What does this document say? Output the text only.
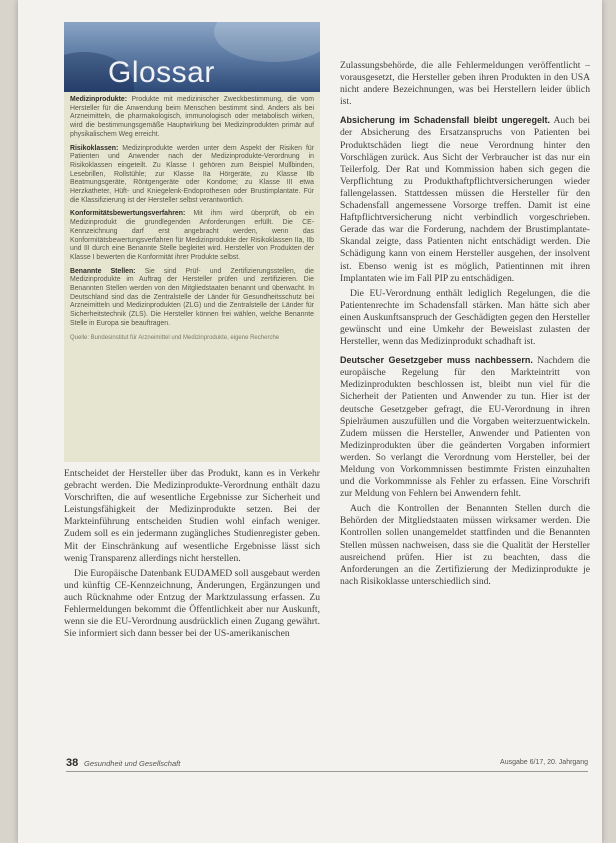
Glossar
Medizinprodukte: Produkte mit medizinischer Zweckbestimmung, die vom Hersteller für die Anwendung beim Menschen bestimmt sind. Anders als bei Arzneimitteln, die pharmakologisch, immunologisch oder metabolisch wirken, wird die bestimmungsgemäße Hauptwirkung bei Medizinprodukten primär auf physikalischem Weg erreicht.
Risikoklassen: Medizinprodukte werden unter dem Aspekt der Risiken für Patienten und Anwender nach der Medizinprodukte-Verordnung in Risikoklassen eingeteilt. Zu Klasse I gehören zum Beispiel Mullbinden, Lesebrillen, Rollstühle; zur Klasse IIa Hörgeräte, zu Klasse IIb Beatmungsgeräte, Röntgengeräte oder Kondome; zu Klasse III etwa Herzkatheter, Hüft- und Kniegelenk-Endoprothesen oder Brustimplantate. Für die Klassifizierung ist der Hersteller selbst verantwortlich.
Konformitätsbewertungsverfahren: Mit ihm wird überprüft, ob ein Medizinprodukt die grundlegenden Anforderungen erfüllt. Die CE-Kennzeichnung darf erst angebracht werden, wenn das Konformitätsbewertungsverfahren für Medizinprodukte der Risikoklassen IIa, IIb und III durch eine Benannte Stelle begleitet wird. Hersteller von Produkten der Klasse I bewerten die Konformität ihrer Produkte selbst.
Benannte Stellen: Sie sind Prüf- und Zertifizierungsstellen, die Medizinprodukte im Auftrag der Hersteller prüfen und zertifizieren. Die Benannten Stellen werden von den Mitgliedstaaten benannt und überwacht. In Deutschland sind das die Zentralstelle der Länder für Gesundheitsschutz bei Arzneimitteln und Medizinprodukten (ZLG) und die Zentralstelle der Länder für Sicherheitstechnik (ZLS). Die Hersteller können frei wählen, welche Benannte Stelle in Europa sie beauftragen.
Quelle: Bundesinstitut für Arzneimittel und Medizinprodukte, eigene Recherche

Entscheidet der Hersteller über das Produkt, kann es in Verkehr gebracht werden. Die Medizinprodukte-Verordnung enthält dazu Vorschriften, die auf wesentliche Ergebnisse zur Sicherheit und Leistungsfähigkeit der Medizinprodukte setzen. Bei der Markteinführung entscheiden Studien wohl einfach weniger. Zudem soll es ein jedermann zugängliches Studienregister geben. Mit der Einschränkung auf wesentliche Ergebnisse lässt sich wenig Transparenz allerdings nicht herstellen.

Die Europäische Datenbank EUDAMED soll ausgebaut werden und künftig CE-Kennzeichnung, Änderungen, Ergänzungen und auch Rücknahme oder Entzug der Marktzulassung erfassen. Zu Fehlermeldungen bekommt die Öffentlichkeit aber nur Auskunft, wenn sie die EU-Verordnung ausdrücklich einen Zugang gewährt. Sie informiert sich dann besser bei der US-amerikanischen

Zulassungsbehörde, die alle Fehlermeldungen veröffentlicht – vorausgesetzt, die Hersteller geben ihren Produkten in den USA nicht andere Bezeichnungen, was bei Herstellern leider üblich ist.

Absicherung im Schadensfall bleibt ungeregelt. Auch bei der Absicherung des Ersatzanspruchs von Patienten bei Produktschäden liegt die neue Verordnung hinter den Vorschlägen zurück. Aus Sicht der Verbraucher ist das nur ein Teilerfolg. Der Rat und Kommission haben sich gegen die Verpflichtung zu Produkthaftpflichtversicherungen wieder fallengelassen. Stattdessen müssen die Hersteller für den Schadensfall angemessene Vorsorge treffen. Damit ist eine Haftpflichtversicherung nicht verbindlich vorgeschrieben. Gerade das war die Forderung, nachdem der Brustimplantate-Skandal zeigte, dass Patienten nicht entschädigt werden. Die Schädigung kann von einem Hersteller ausgehen, der insolvent ist. Ebenso wenig ist es möglich, Patientinnen mit ihren Implantaten wie im Fall PIP zu entschädigen.

Die EU-Verordnung enthält lediglich Regelungen, die die Patientenrechte im Schadensfall stärken. Man hätte sich aber einen Auskunftsanspruch der Geschädigten gegen den Hersteller gewünscht und eine Umkehr der Beweislast zulasten der Hersteller, wenn das Medizinprodukt schadhaft ist.

Deutscher Gesetzgeber muss nachbessern. Nachdem die europäische Regelung für den Markteintritt von Medizinprodukten beschlossen ist, bleibt nun viel für die Sicherheit der Patienten und Anwender zu tun. Hier ist der deutsche Gesetzgeber gefragt, die EU-Verordnung in ihren Spielräumen auszufüllen und die Vorgaben weiterzuentwickeln. Zudem müssen die Hersteller, Anwender und Patienten von Medizinprodukten über die geänderten Vorgaben informiert werden. So verlangt die Verordnung vom Hersteller, bei der Meldung von Vorkommnissen bestimmte Fristen einzuhalten und die Vorkommnisse als Fehler zu erfassen. Eine Vorschrift zur Meldung von Fehlern bei Anwendern fehlt.

Auch die Kontrollen der Benannten Stellen durch die Behörden der Mitgliedstaaten müssen wirksamer werden. Die Kontrollen sollen unangemeldet stattfinden und die Benannten Stellen müssen nachweisen, dass sie die Qualität der Hersteller ausreichend prüfen. Hier ist zu beachten, dass die Anforderungen an die Zertifizierung der Medizinprodukte je nach Risikoklasse unterschiedlich sind.

38 Gesundheit und Gesellschaft	Ausgabe 6/17, 20. Jahrgang
